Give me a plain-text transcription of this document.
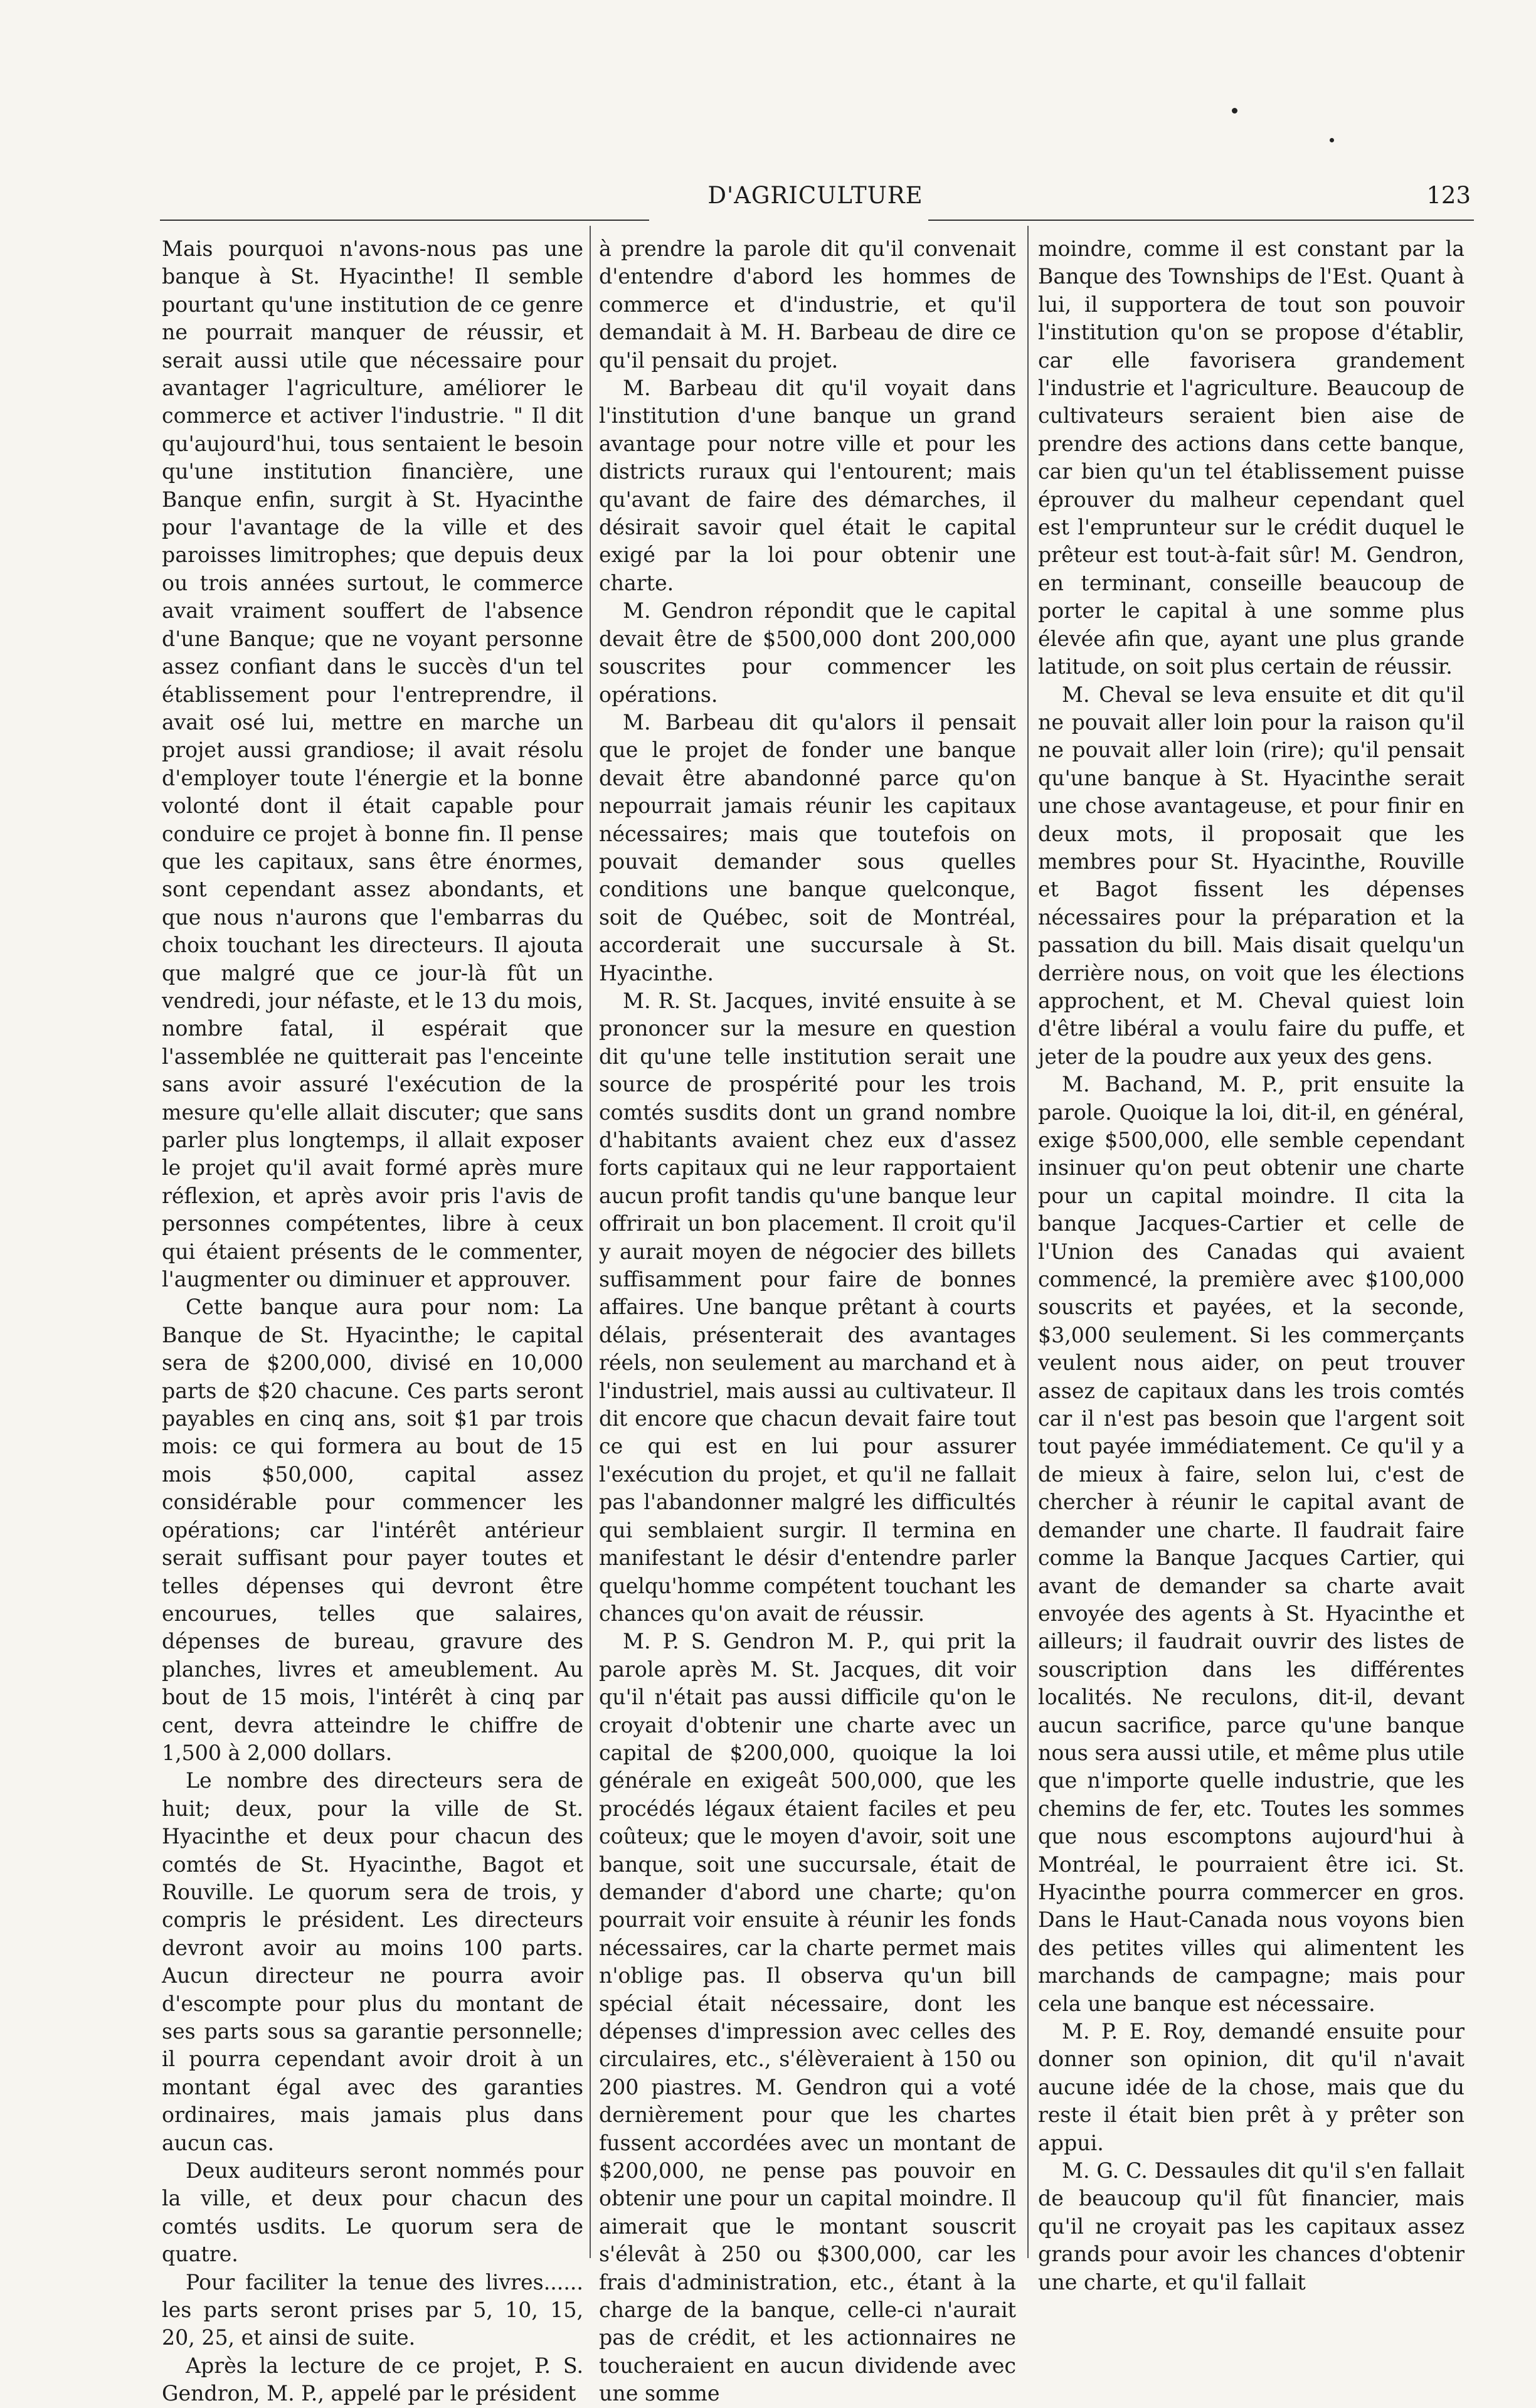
D'AGRICULTURE	123

Mais pourquoi n'avons-nous pas une banque à St. Hyacinthe! Il semble pourtant qu'une institution de ce genre ne pourrait manquer de réussir, et serait aussi utile que nécessaire pour avantager l'agriculture, améliorer le commerce et activer l'industrie. " Il dit qu'aujourd'hui, tous sentaient le besoin qu'une institution financière, une Banque enfin, surgit à St. Hyacinthe pour l'avantage de la ville et des paroisses limitrophes; que depuis deux ou trois années surtout, le commerce avait vraiment souffert de l'absence d'une Banque; que ne voyant personne assez confiant dans le succès d'un tel établissement pour l'entreprendre, il avait osé lui, mettre en marche un projet aussi grandiose; il avait résolu d'employer toute l'énergie et la bonne volonté dont il était capable pour conduire ce projet à bonne fin. Il pense que les capitaux, sans être énormes, sont cependant assez abondants, et que nous n'aurons que l'embarras du choix touchant les directeurs. Il ajouta que malgré que ce jour-là fût un vendredi, jour néfaste, et le 13 du mois, nombre fatal, il espérait que l'assemblée ne quitterait pas l'enceinte sans avoir assuré l'exécution de la mesure qu'elle allait discuter; que sans parler plus longtemps, il allait exposer le projet qu'il avait formé après mure réflexion, et après avoir pris l'avis de personnes compétentes, libre à ceux qui étaient présents de le commenter, l'augmenter ou diminuer et approuver.

Cette banque aura pour nom: La Banque de St. Hyacinthe; le capital sera de $200,000, divisé en 10,000 parts de $20 chacune. Ces parts seront payables en cinq ans, soit $1 par trois mois: ce qui formera au bout de 15 mois $50,000, capital assez considérable pour commencer les opérations; car l'intérêt antérieur serait suffisant pour payer toutes et telles dépenses qui devront être encourues, telles que salaires, dépenses de bureau, gravure des planches, livres et ameublement. Au bout de 15 mois, l'intérêt à cinq par cent, devra atteindre le chiffre de 1,500 à 2,000 dollars.

Le nombre des directeurs sera de huit; deux, pour la ville de St. Hyacinthe et deux pour chacun des comtés de St. Hyacinthe, Bagot et Rouville. Le quorum sera de trois, y compris le président. Les directeurs devront avoir au moins 100 parts. Aucun directeur ne pourra avoir d'escompte pour plus du montant de ses parts sous sa garantie personnelle; il pourra cependant avoir droit à un montant égal avec des garanties ordinaires, mais jamais plus dans aucun cas.

Deux auditeurs seront nommés pour la ville, et deux pour chacun des comtés usdits. Le quorum sera de quatre.

Pour faciliter la tenue des livres...... les parts seront prises par 5, 10, 15, 20, 25, et ainsi de suite.

Après la lecture de ce projet, P. S. Gendron, M. P., appelé par le président

à prendre la parole dit qu'il convenait d'entendre d'abord les hommes de commerce et d'industrie, et qu'il demandait à M. H. Barbeau de dire ce qu'il pensait du projet.

M. Barbeau dit qu'il voyait dans l'institution d'une banque un grand avantage pour notre ville et pour les districts ruraux qui l'entourent; mais qu'avant de faire des démarches, il désirait savoir quel était le capital exigé par la loi pour obtenir une charte.

M. Gendron répondit que le capital devait être de $500,000 dont 200,000 souscrites pour commencer les opérations.

M. Barbeau dit qu'alors il pensait que le projet de fonder une banque devait être abandonné parce qu'on nepourrait jamais réunir les capitaux nécessaires; mais que toutefois on pouvait demander sous quelles conditions une banque quelconque, soit de Québec, soit de Montréal, accorderait une succursale à St. Hyacinthe.

M. R. St. Jacques, invité ensuite à se prononcer sur la mesure en question dit qu'une telle institution serait une source de prospérité pour les trois comtés susdits dont un grand nombre d'habitants avaient chez eux d'assez forts capitaux qui ne leur rapportaient aucun profit tandis qu'une banque leur offrirait un bon placement. Il croit qu'il y aurait moyen de négocier des billets suffisamment pour faire de bonnes affaires. Une banque prêtant à courts délais, présenterait des avantages réels, non seulement au marchand et à l'industriel, mais aussi au cultivateur. Il dit encore que chacun devait faire tout ce qui est en lui pour assurer l'exécution du projet, et qu'il ne fallait pas l'abandonner malgré les difficultés qui semblaient surgir. Il termina en manifestant le désir d'entendre parler quelqu'homme compétent touchant les chances qu'on avait de réussir.

M. P. S. Gendron M. P., qui prit la parole après M. St. Jacques, dit voir qu'il n'était pas aussi difficile qu'on le croyait d'obtenir une charte avec un capital de $200,000, quoique la loi générale en exigeât 500,000, que les procédés légaux étaient faciles et peu coûteux; que le moyen d'avoir, soit une banque, soit une succursale, était de demander d'abord une charte; qu'on pourrait voir ensuite à réunir les fonds nécessaires, car la charte permet mais n'oblige pas. Il observa qu'un bill spécial était nécessaire, dont les dépenses d'impression avec celles des circulaires, etc., s'élèveraient à 150 ou 200 piastres. M. Gendron qui a voté dernièrement pour que les chartes fussent accordées avec un montant de $200,000, ne pense pas pouvoir en obtenir une pour un capital moindre. Il aimerait que le montant souscrit s'élevât à 250 ou $300,000, car les frais d'administration, etc., étant à la charge de la banque, celle-ci n'aurait pas de crédit, et les actionnaires ne toucheraient en aucun dividende avec une somme

moindre, comme il est constant par la Banque des Townships de l'Est. Quant à lui, il supportera de tout son pouvoir l'institution qu'on se propose d'établir, car elle favorisera grandement l'industrie et l'agriculture. Beaucoup de cultivateurs seraient bien aise de prendre des actions dans cette banque, car bien qu'un tel établissement puisse éprouver du malheur cependant quel est l'emprunteur sur le crédit duquel le prêteur est tout-à-fait sûr! M. Gendron, en terminant, conseille beaucoup de porter le capital à une somme plus élevée afin que, ayant une plus grande latitude, on soit plus certain de réussir.

M. Cheval se leva ensuite et dit qu'il ne pouvait aller loin pour la raison qu'il ne pouvait aller loin (rire); qu'il pensait qu'une banque à St. Hyacinthe serait une chose avantageuse, et pour finir en deux mots, il proposait que les membres pour St. Hyacinthe, Rouville et Bagot fissent les dépenses nécessaires pour la préparation et la passation du bill. Mais disait quelqu'un derrière nous, on voit que les élections approchent, et M. Cheval quiest loin d'être libéral a voulu faire du puffe, et jeter de la poudre aux yeux des gens.

M. Bachand, M. P., prit ensuite la parole. Quoique la loi, dit-il, en général, exige $500,000, elle semble cependant insinuer qu'on peut obtenir une charte pour un capital moindre. Il cita la banque Jacques-Cartier et celle de l'Union des Canadas qui avaient commencé, la première avec $100,000 souscrits et payées, et la seconde, $3,000 seulement. Si les commerçants veulent nous aider, on peut trouver assez de capitaux dans les trois comtés car il n'est pas besoin que l'argent soit tout payée immédiatement. Ce qu'il y a de mieux à faire, selon lui, c'est de chercher à réunir le capital avant de demander une charte. Il faudrait faire comme la Banque Jacques Cartier, qui avant de demander sa charte avait envoyée des agents à St. Hyacinthe et ailleurs; il faudrait ouvrir des listes de souscription dans les différentes localités. Ne reculons, dit-il, devant aucun sacrifice, parce qu'une banque nous sera aussi utile, et même plus utile que n'importe quelle industrie, que les chemins de fer, etc. Toutes les sommes que nous escomptons aujourd'hui à Montréal, le pourraient être ici. St. Hyacinthe pourra commercer en gros. Dans le Haut-Canada nous voyons bien des petites villes qui alimentent les marchands de campagne; mais pour cela une banque est nécessaire.

M. P. E. Roy, demandé ensuite pour donner son opinion, dit qu'il n'avait aucune idée de la chose, mais que du reste il était bien prêt à y prêter son appui.

M. G. C. Dessaules dit qu'il s'en fallait de beaucoup qu'il fût financier, mais qu'il ne croyait pas les capitaux assez grands pour avoir les chances d'obtenir une charte, et qu'il fallait
